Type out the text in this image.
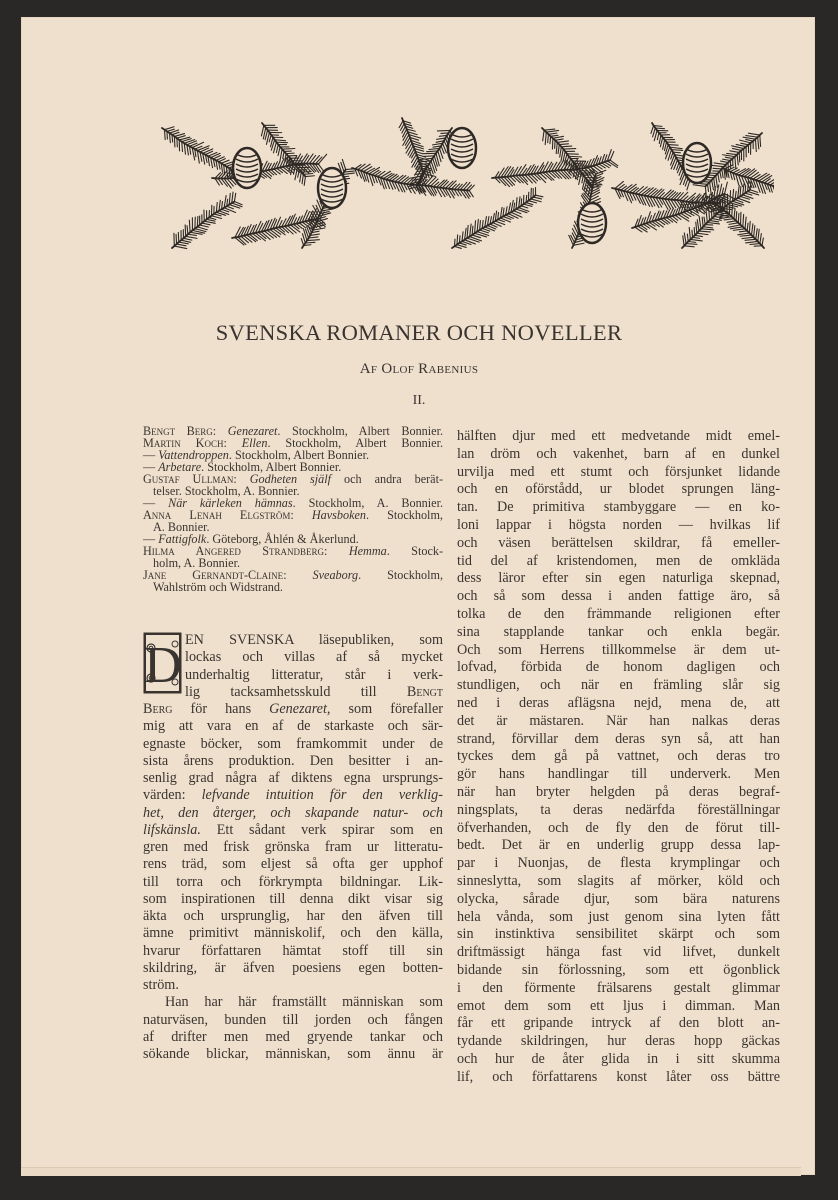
SVENSKA ROMANER OCH NOVELLER
Af Olof Rabenius
II.
Bengt Berg: Genezaret. Stockholm, Albert Bonnier.
Martin Koch: Ellen. Stockholm, Albert Bonnier.
— Vattendroppen. Stockholm, Albert Bonnier.
— Arbetare. Stockholm, Albert Bonnier.
Gustaf Ullman: Godheten själf och andra berät-
telser. Stockholm, A. Bonnier.
— När kärleken hämnas. Stockholm, A. Bonnier.
Anna Lenah Elgström: Havsboken. Stockholm,
A. Bonnier.
— Fattigfolk. Göteborg, Åhlén & Åkerlund.
Hilma Angered Strandberg: Hemma. Stock-
holm, A. Bonnier.
Jane Gernandt-Claine: Sveaborg. Stockholm,
Wahlström och Widstrand.
D EN SVENSKA läsepubliken, som
lockas och villas af så mycket
underhaltig litteratur, står i verk-
lig tacksamhetsskuld till Bengt
Berg för hans Genezaret, som förefaller
mig att vara en af de starkaste och sär-
egnaste böcker, som framkommit under de
sista årens produktion. Den besitter i an-
senlig grad några af diktens egna ursprungs-
värden: lefvande intuition för den verklig-
het, den återger, och skapande natur- och
lifskänsla. Ett sådant verk spirar som en
gren med frisk grönska fram ur litteratu-
rens träd, som eljest så ofta ger upphof
till torra och förkrympta bildningar. Lik-
som inspirationen till denna dikt visar sig
äkta och ursprunglig, har den äfven till
ämne primitivt människolif, och den källa,
hvarur författaren hämtat stoff till sin
skildring, är äfven poesiens egen botten-
ström.
Han har här framställt människan som
naturväsen, bunden till jorden och fången
af drifter men med gryende tankar och
sökande blickar, människan, som ännu är
hälften djur med ett medvetande midt emel-
lan dröm och vakenhet, barn af en dunkel
urvilja med ett stumt och försjunket lidande
och en oförstådd, ur blodet sprungen läng-
tan. De primitiva stambyggare — en ko-
loni lappar i högsta norden — hvilkas lif
och väsen berättelsen skildrar, få emeller-
tid del af kristendomen, men de omkläda
dess läror efter sin egen naturliga skepnad,
och så som dessa i anden fattige äro, så
tolka de den främmande religionen efter
sina stapplande tankar och enkla begär.
Och som Herrens tillkommelse är dem ut-
lofvad, förbida de honom dagligen och
stundligen, och när en främling slår sig
ned i deras aflägsna nejd, mena de, att
det är mästaren. När han nalkas deras
strand, förvillar dem deras syn så, att han
tyckes dem gå på vattnet, och deras tro
gör hans handlingar till underverk. Men
när han bryter helgden på deras begraf-
ningsplats, ta deras nedärfda föreställningar
öfverhanden, och de fly den de förut till-
bedt. Det är en underlig grupp dessa lap-
par i Nuonjas, de flesta krymplingar och
sinneslytta, som slagits af mörker, köld och
olycka, sårade djur, som bära naturens
hela vånda, som just genom sina lyten fått
sin instinktiva sensibilitet skärpt och som
driftmässigt hänga fast vid lifvet, dunkelt
bidande sin förlossning, som ett ögonblick
i den förmente frälsarens gestalt glimmar
emot dem som ett ljus i dimman. Man
får ett gripande intryck af den blott an-
tydande skildringen, hur deras hopp gäckas
och hur de åter glida in i sitt skumma
lif, och författarens konst låter oss bättre
